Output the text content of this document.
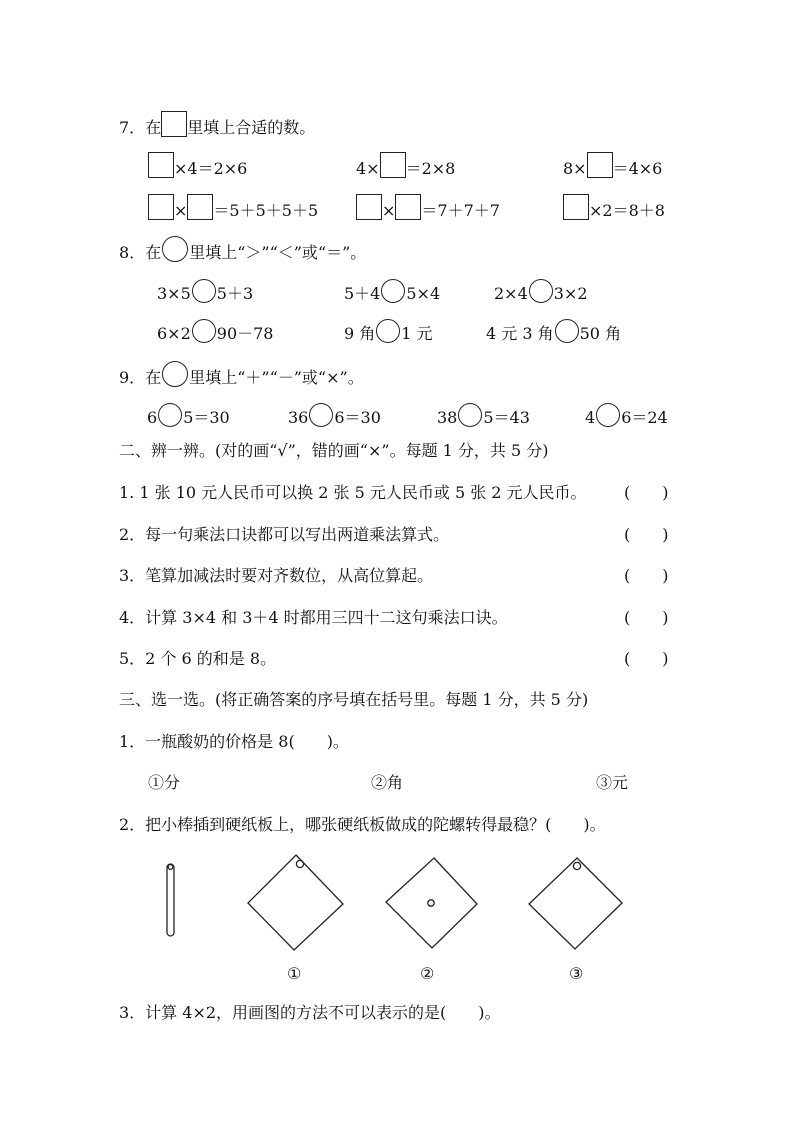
7．在 里填上合适的数。
×4＝2×6	4× ＝2×8	8× ＝4×6
× ＝5＋5＋5＋5	× ＝7＋7＋7	×2＝8＋8
8．在 里填上“＞”“＜”或“＝”。
3×5 5＋3	5＋4 5×4	2×4 3×2
6×2 90－78	9 角 1 元	4 元 3 角 50 角
9．在 里填上“＋”“－”或“×”。
6 5＝30	36 6＝30	38 5＝43	4 6＝24
二、辨一辨。(对的画“√”，错的画“×”。每题 1 分，共 5 分)
1. 1 张 10 元人民币可以换 2 张 5 元人民币或 5 张 2 元人民币。 (　　)
2．每一句乘法口诀都可以写出两道乘法算式。	(　　)
3．笔算加减法时要对齐数位，从高位算起。	(　　)
4．计算 3×4 和 3＋4 时都用三四十二这句乘法口诀。	(　　)
5．2 个 6 的和是 8。	(　　)
三、选一选。(将正确答案的序号填在括号里。每题 1 分，共 5 分)
1．一瓶酸奶的价格是 8(　　)。
①分	②角	③元
2．把小棒插到硬纸板上，哪张硬纸板做成的陀螺转得最稳？(　　)。
①	②	③
3．计算 4×2，用画图的方法不可以表示的是(　　)。
